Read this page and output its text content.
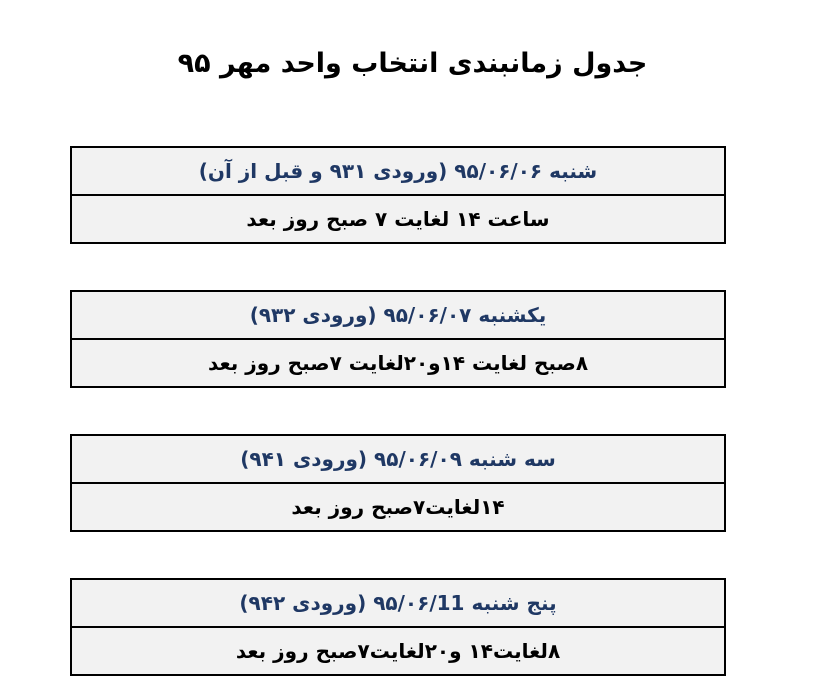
جدول زمانبندی انتخاب واحد مهر ۹۵
شنبه ۹۵/۰۶/۰۶ (ورودی ۹۳۱ و قبل از آن)
ساعت ۱۴ لغایت ۷ صبح روز بعد
یکشنبه ۹۵/۰۶/۰۷ (ورودی ۹۳۲)
۸صبح لغایت ۱۴و۲۰لغایت ۷صبح روز بعد
سه شنبه ۹۵/۰۶/۰۹ (ورودی ۹۴۱)
۱۴لغایت۷صبح روز بعد
پنج شنبه ۹۵/۰۶/11 (ورودی ۹۴۲)
۸لغایت۱۴ و۲۰لغایت۷صبح روز بعد
